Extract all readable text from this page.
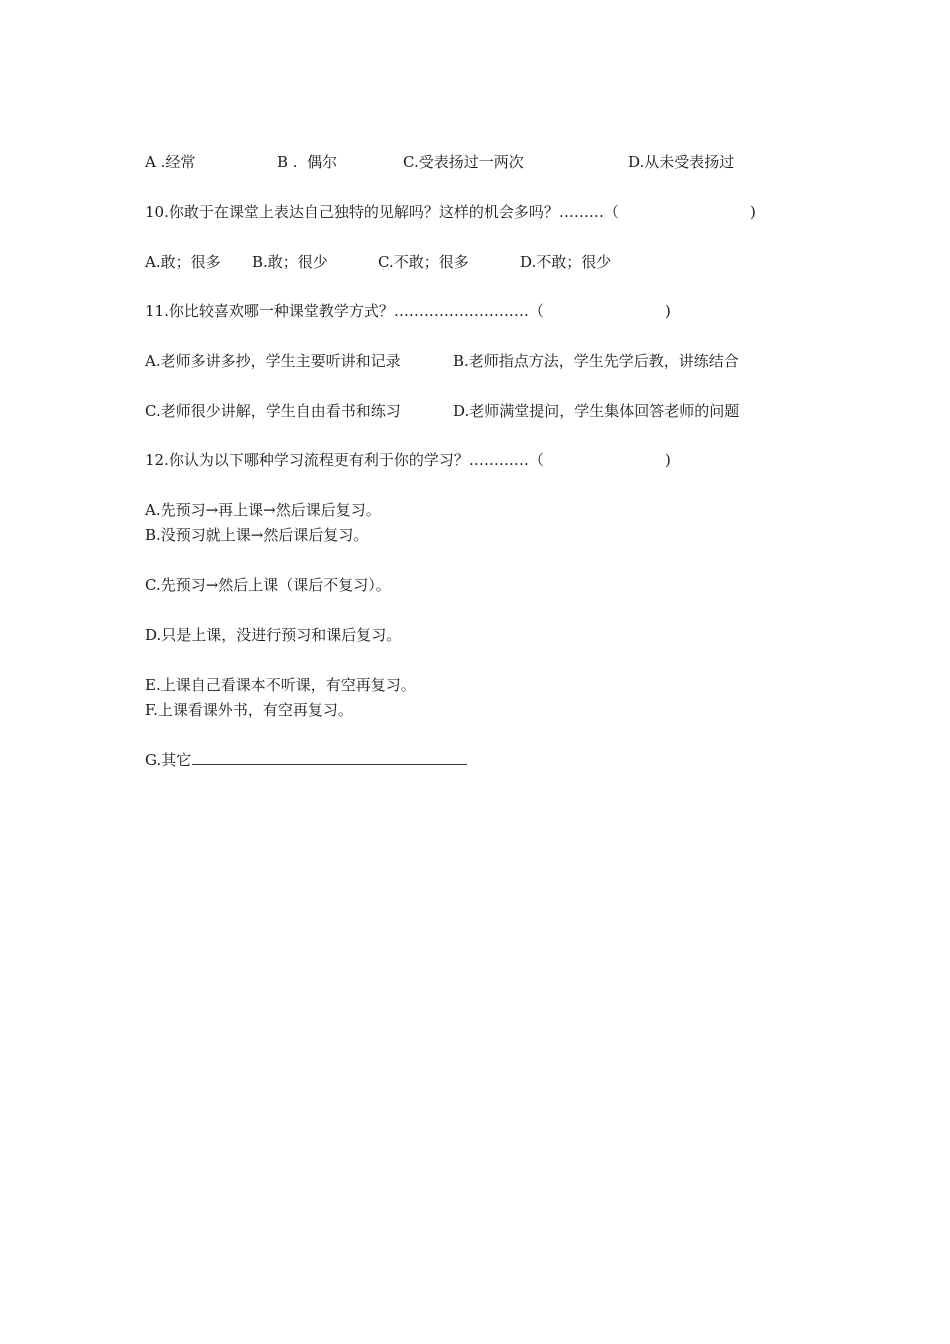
A .经常	B .  偶尔	C.受表扬过一两次	D.从未受表扬过
10.你敢于在课堂上表达自己独特的见解吗？这样的机会多吗？………（	)
A.敢；很多 B.敢；很少	C.不敢；很多	D.不敢；很少
11.你比较喜欢哪一种课堂教学方式？………………………（	)
A.老师多讲多抄，学生主要听讲和记录	B.老师指点方法，学生先学后教，讲练结合
C.老师很少讲解，学生自由看书和练习	D.老师满堂提问，学生集体回答老师的问题
12.你认为以下哪种学习流程更有利于你的学习？…………（	)
A.先预习→再上课→然后课后复习。
B.没预习就上课→然后课后复习。
C.先预习→然后上课（课后不复习）。
D.只是上课，没进行预习和课后复习。
E.上课自己看课本不听课，有空再复习。
F.上课看课外书，有空再复习。
G.其它
